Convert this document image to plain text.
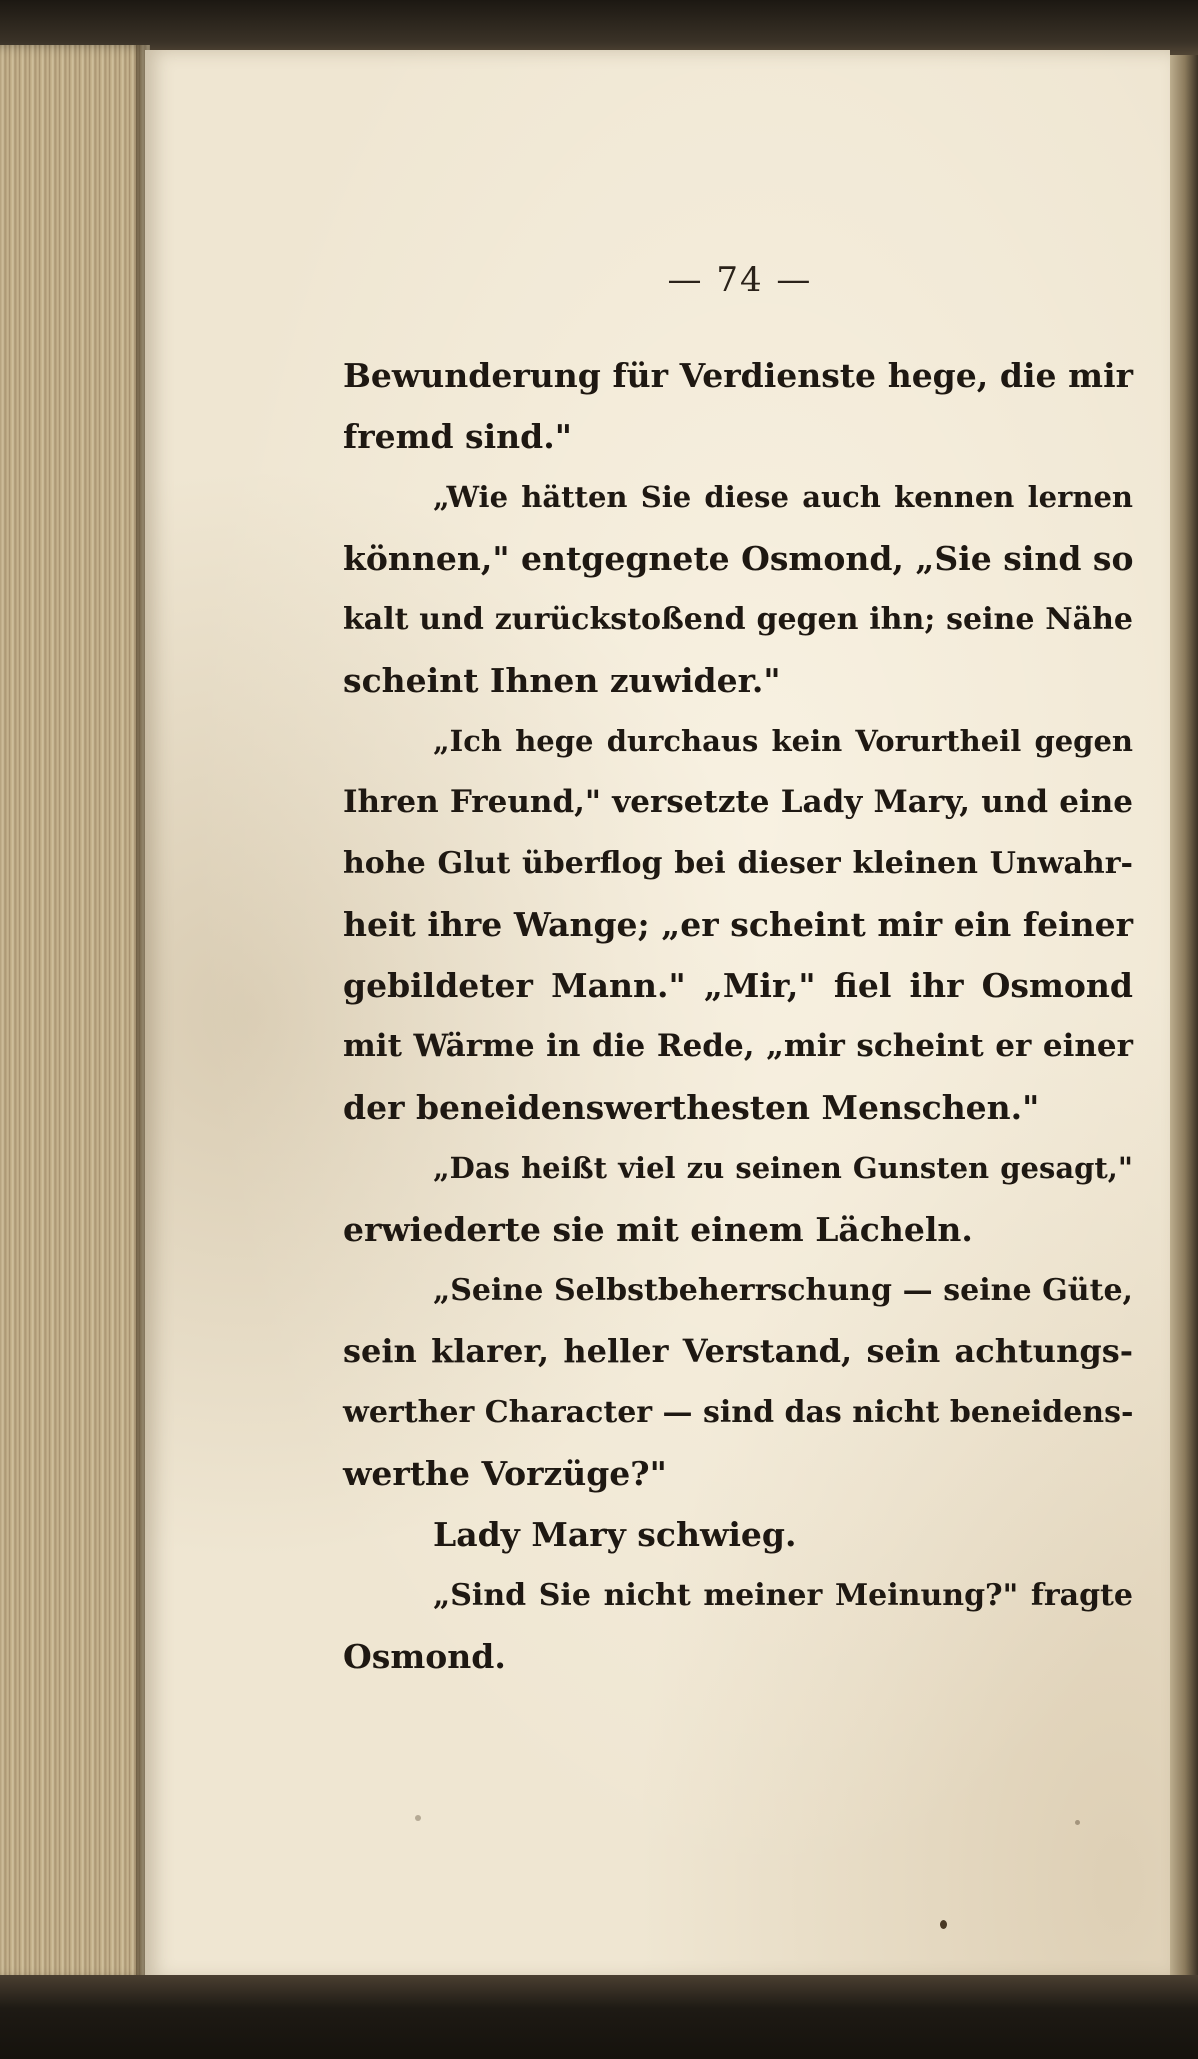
— 74 —
Bewunderung für Verdienste hege, die mir
fremd sind."
„Wie hätten Sie diese auch kennen lernen
können," entgegnete Osmond, „Sie sind so
kalt und zurückstoßend gegen ihn; seine Nähe
scheint Ihnen zuwider."
„Ich hege durchaus kein Vorurtheil gegen
Ihren Freund," versetzte Lady Mary, und eine
hohe Glut überflog bei dieser kleinen Unwahr-
heit ihre Wange; „er scheint mir ein feiner
gebildeter Mann." „Mir," fiel ihr Osmond
mit Wärme in die Rede, „mir scheint er einer
der beneidenswerthesten Menschen."
„Das heißt viel zu seinen Gunsten gesagt,"
erwiederte sie mit einem Lächeln.
„Seine Selbstbeherrschung — seine Güte,
sein klarer, heller Verstand, sein achtungs-
werther Character — sind das nicht beneidens-
werthe Vorzüge?"
Lady Mary schwieg.
„Sind Sie nicht meiner Meinung?" fragte
Osmond.
